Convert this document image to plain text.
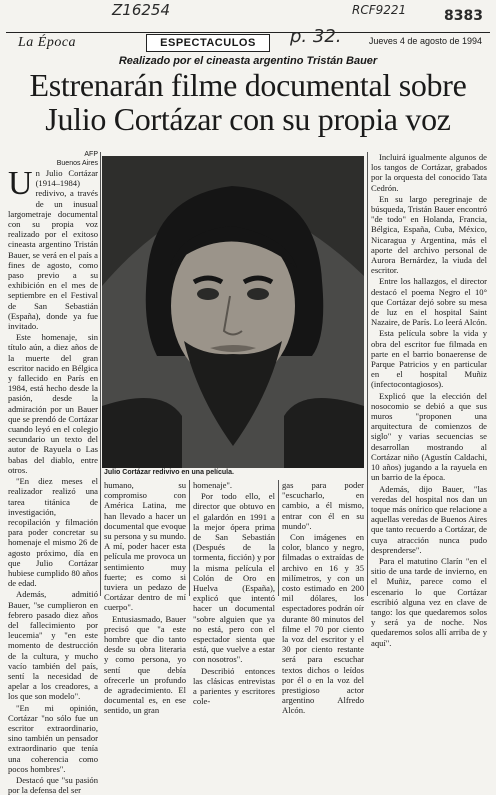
Z16254	RCF9221	8383
La Época	ESPECTACULOS	p. 32.	Jueves 4 de agosto de 1994
Realizado por el cineasta argentino Tristán Bauer
Estrenarán filme documental sobre
Julio Cortázar con su propia voz
AFP
Buenos Aires

Un Julio Cortázar (1914–1984) redivivo, a través de un inusual largometraje documental con su propia voz realizado por el exitoso cineasta argentino Tristán Bauer, se verá en el país a fines de agosto, como paso previo a su exhibición en el mes de septiembre en el Festival de San Sebastián (España), donde ya fue invitado.

Este homenaje, sin título aún, a diez años de la muerte del gran escritor nacido en Bélgica y fallecido en París en 1984, está hecho desde la pasión, desde la admiración por un Bauer que se prendó de Cortázar cuando leyó en el colegio secundario un texto del autor de Rayuela o Las babas del diablo, entre otros.

"En diez meses el realizador realizó una tarea titánica de investigación, recopilación y filmación para poder concretar su homenaje el mismo 26 de agosto próximo, día en que Julio Cortázar hubiese cumplido 80 años de edad.

Además, admitió Bauer, "se cumplieron en febrero pasado diez años del fallecimiento por leucemia" y "en este momento de destrucción de la cultura, y mucho vacío también del país, sentí la necesidad de apelar a los creadores, a los que son modelo".

"En mi opinión, Cortázar "no sólo fue un escritor extraordinario, sino también un pensador extraordinario que tenía una coherencia como pocos hombres".

Destacó que "su pasión por la defensa del ser

Julio Cortázar redivivo en una película.

humano, su compromiso con América Latina, me han llevado a hacer un documental que evoque su persona y su mundo. A mí, poder hacer esta película me provoca un sentimiento muy fuerte; es como si tuviera un pedazo de Cortázar dentro de mí cuerpo".

Entusiasmado, Bauer precisó que "a este hombre que dio tanto desde su obra literaria y como persona, yo sentí que debía ofrecerle un profundo de agradecimiento. El documental es, en ese sentido, un gran

homenaje".

Por todo ello, el director que obtuvo en el galardón en 1991 a la mejor ópera prima de San Sebastián (Después de la tormenta, ficción) y por la misma película el Colón de Oro en Huelva (España), explicó que intentó hacer un documental "sobre alguien que ya no está, pero con el espectador sienta que está, que vuelve a estar con nosotros".

Describió entonces las clásicas entrevistas a parientes y escritores cole-

gas para poder "escucharlo, en cambio, a él mismo, entrar con él en su mundo".

Con imágenes en color, blanco y negro, filmadas o extraídas de archivo en 16 y 35 milímetros, y con un costo estimado en 200 mil dólares, los espectadores podrán oír durante 80 minutos del filme el 70 por ciento la voz del escritor y el 30 por ciento restante será para escuchar textos dichos o leídos por él o en la voz del prestigioso actor argentino Alfredo Alcón.

Incluirá igualmente algunos de los tangos de Cortázar, grabados por la orquesta del conocido Tata Cedrón.

En su largo peregrinaje de búsqueda, Tristán Bauer encontró "de todo" en Holanda, Francia, Bélgica, España, Cuba, México, Nicaragua y Argentina, más el aporte del archivo personal de Aurora Bernárdez, la viuda del escritor.

Entre los hallazgos, el director destacó el poema Negro el 10° que Cortázar dejó sobre su mesa de luz en el hospital Saint Nazaire, de París. Lo leerá Alcón.

Esta película sobre la vida y obra del escritor fue filmada en parte en el barrio bonaerense de Parque Patricios y en particular en el hospital Muñiz (infectocontagiosos).

Explicó que la elección del nosocomio se debió a que sus muros "proponen una arquitectura de comienzos de siglo" y varias secuencias se desarrollan mostrando al Cortázar niño (Agustín Caldachi, 10 años) jugando a la rayuela en un barrio de la época.

Además, dijo Bauer, "las veredas del hospital nos dan un toque más onírico que relacione a aquellas veredas de Buenos Aires que tanto recuerdo a Cortázar, de cuya atracción nunca pudo desprenderse".

Para el matutino Clarín "en el sitio de una tarde de invierno, en el Muñiz, parece como el escenario lo que Cortázar escribió alguna vez en clave de tango: los que quedaremos solos y será ya de noche. Nos quedaremos solos allí arriba de y aquí".
